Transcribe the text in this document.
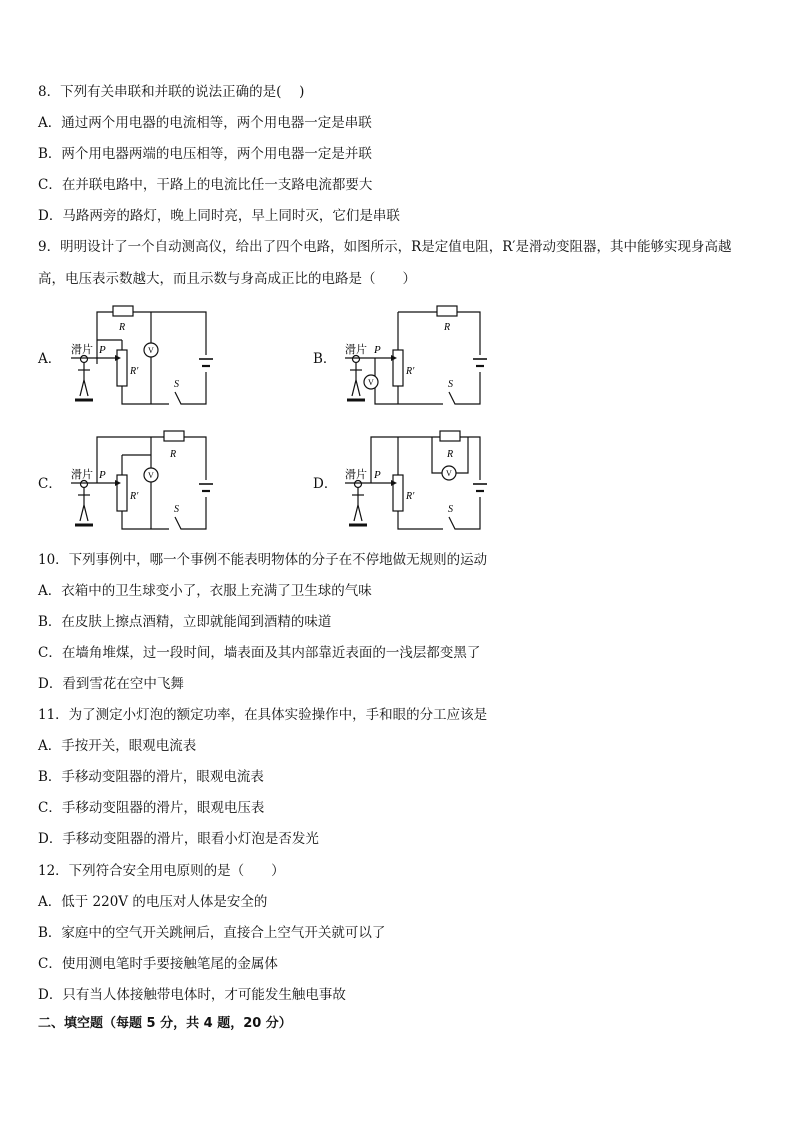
8．下列有关串联和并联的说法正确的是(　 )
A．通过两个用电器的电流相等，两个用电器一定是串联
B．两个用电器两端的电压相等，两个用电器一定是并联
C．在并联电路中，干路上的电流比任一支路电流都要大
D．马路两旁的路灯，晚上同时亮，早上同时灭，它们是串联
9．明明设计了一个自动测高仪，给出了四个电路，如图所示，R是定值电阻，R′是滑动变阻器，其中能够实现身高越
高，电压表示数越大，而且示数与身高成正比的电路是（　　）
A．
滑片 P
R
R′
V
S
B．
滑片 P
R
R′
V	S
C．
滑片 P
R
R′
V
S
D．
滑片 P
R
R′
V
S
10．下列事例中，哪一个事例不能表明物体的分子在不停地做无规则的运动
A．衣箱中的卫生球变小了，衣服上充满了卫生球的气味
B．在皮肤上擦点酒精，立即就能闻到酒精的味道
C．在墙角堆煤，过一段时间，墙表面及其内部靠近表面的一浅层都变黑了
D．看到雪花在空中飞舞
11．为了测定小灯泡的额定功率，在具体实验操作中，手和眼的分工应该是
A．手按开关，眼观电流表
B．手移动变阻器的滑片，眼观电流表
C．手移动变阻器的滑片，眼观电压表
D．手移动变阻器的滑片，眼看小灯泡是否发光
12．下列符合安全用电原则的是（　　）
A．低于 220V 的电压对人体是安全的
B．家庭中的空气开关跳闸后，直接合上空气开关就可以了
C．使用测电笔时手要接触笔尾的金属体
D．只有当人体接触带电体时，才可能发生触电事故
二、填空题（每题 5 分，共 4 题，20 分）
